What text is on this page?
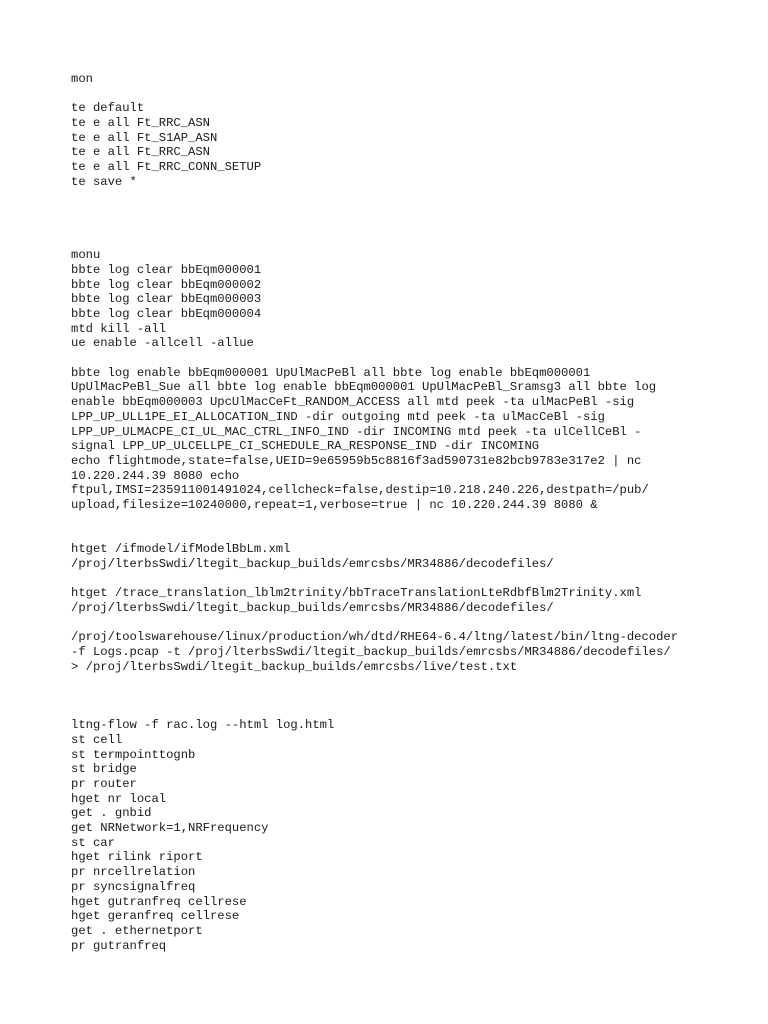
mon
te default
te e all Ft_RRC_ASN
te e all Ft_S1AP_ASN
te e all Ft_RRC_ASN
te e all Ft_RRC_CONN_SETUP
te save *
monu
bbte log clear bbEqm000001
bbte log clear bbEqm000002
bbte log clear bbEqm000003
bbte log clear bbEqm000004
mtd kill -all
ue enable -allcell -allue
bbte log enable bbEqm000001 UpUlMacPeBl all bbte log enable bbEqm000001
UpUlMacPeBl_Sue all bbte log enable bbEqm000001 UpUlMacPeBl_Sramsg3 all bbte log
enable bbEqm000003 UpcUlMacCeFt_RANDOM_ACCESS all mtd peek -ta ulMacPeBl -sig
LPP_UP_ULL1PE_EI_ALLOCATION_IND -dir outgoing mtd peek -ta ulMacCeBl -sig
LPP_UP_ULMACPE_CI_UL_MAC_CTRL_INFO_IND -dir INCOMING mtd peek -ta ulCellCeBl -
signal LPP_UP_ULCELLPE_CI_SCHEDULE_RA_RESPONSE_IND -dir INCOMING
echo flightmode,state=false,UEID=9e65959b5c8816f3ad590731e82bcb9783e317e2 | nc
10.220.244.39 8080 echo
ftpul,IMSI=235911001491024,cellcheck=false,destip=10.218.240.226,destpath=/pub/
upload,filesize=10240000,repeat=1,verbose=true | nc 10.220.244.39 8080 &
htget /ifmodel/ifModelBbLm.xml
/proj/lterbsSwdi/ltegit_backup_builds/emrcsbs/MR34886/decodefiles/
htget /trace_translation_lblm2trinity/bbTraceTranslationLteRdbfBlm2Trinity.xml
/proj/lterbsSwdi/ltegit_backup_builds/emrcsbs/MR34886/decodefiles/
/proj/toolswarehouse/linux/production/wh/dtd/RHE64-6.4/ltng/latest/bin/ltng-decoder
-f Logs.pcap -t /proj/lterbsSwdi/ltegit_backup_builds/emrcsbs/MR34886/decodefiles/
> /proj/lterbsSwdi/ltegit_backup_builds/emrcsbs/live/test.txt
ltng-flow -f rac.log --html log.html
st cell
st termpointtognb
st bridge
pr router
hget nr local
get . gnbid
get NRNetwork=1,NRFrequency
st car
hget rilink riport
pr nrcellrelation
pr syncsignalfreq
hget gutranfreq cellrese
hget geranfreq cellrese
get . ethernetport
pr gutranfreq
